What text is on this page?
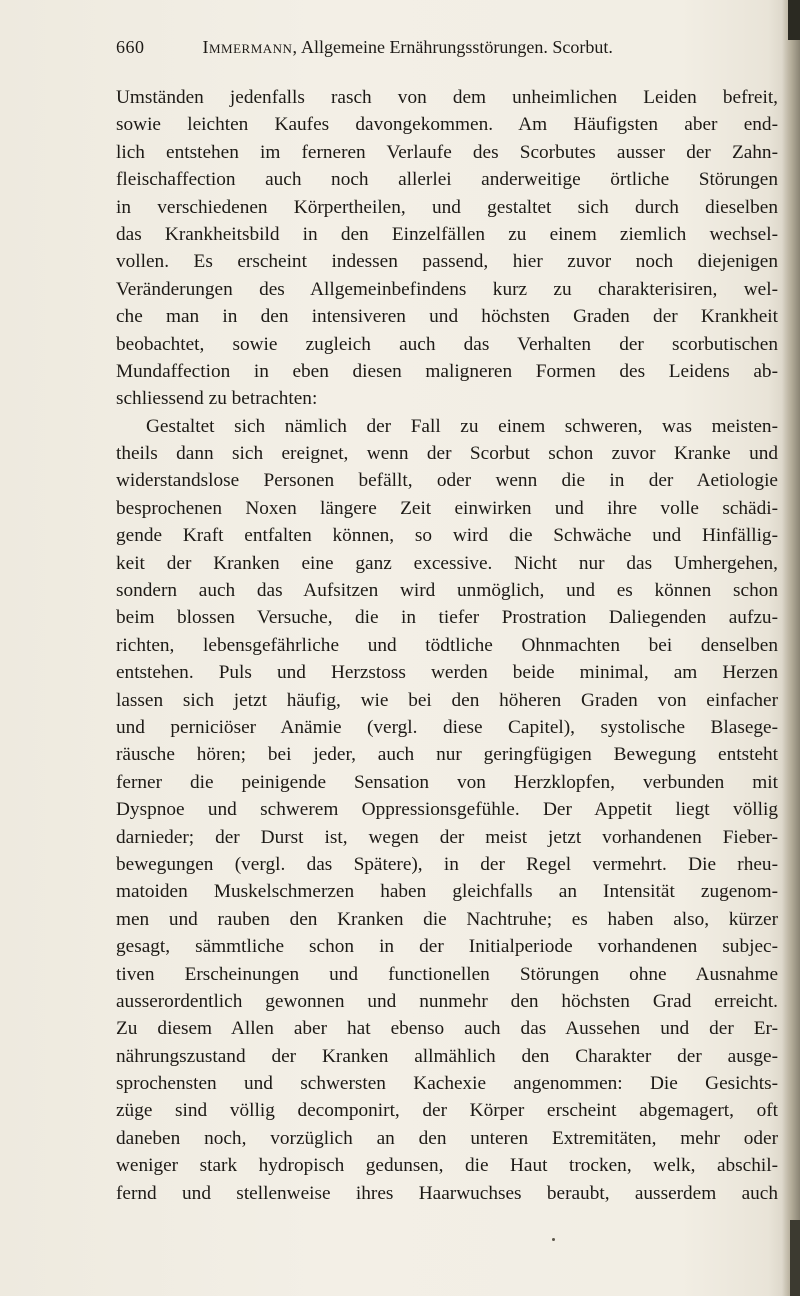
660	Immermann, Allgemeine Ernährungsstörungen. Scorbut.
Umständen jedenfalls rasch von dem unheimlichen Leiden befreit,
sowie leichten Kaufes davongekommen. Am Häufigsten aber end-
lich entstehen im ferneren Verlaufe des Scorbutes ausser der Zahn-
fleischaffection auch noch allerlei anderweitige örtliche Störungen
in verschiedenen Körpertheilen, und gestaltet sich durch dieselben
das Krankheitsbild in den Einzelfällen zu einem ziemlich wechsel-
vollen. Es erscheint indessen passend, hier zuvor noch diejenigen
Veränderungen des Allgemeinbefindens kurz zu charakterisiren, wel-
che man in den intensiveren und höchsten Graden der Krankheit
beobachtet, sowie zugleich auch das Verhalten der scorbutischen
Mundaffection in eben diesen maligneren Formen des Leidens ab-
schliessend zu betrachten:
Gestaltet sich nämlich der Fall zu einem schweren, was meisten-
theils dann sich ereignet, wenn der Scorbut schon zuvor Kranke und
widerstandslose Personen befällt, oder wenn die in der Aetiologie
besprochenen Noxen längere Zeit einwirken und ihre volle schädi-
gende Kraft entfalten können, so wird die Schwäche und Hinfällig-
keit der Kranken eine ganz excessive. Nicht nur das Umhergehen,
sondern auch das Aufsitzen wird unmöglich, und es können schon
beim blossen Versuche, die in tiefer Prostration Daliegenden aufzu-
richten, lebensgefährliche und tödtliche Ohnmachten bei denselben
entstehen. Puls und Herzstoss werden beide minimal, am Herzen
lassen sich jetzt häufig, wie bei den höheren Graden von einfacher
und perniciöser Anämie (vergl. diese Capitel), systolische Blasege-
räusche hören; bei jeder, auch nur geringfügigen Bewegung entsteht
ferner die peinigende Sensation von Herzklopfen, verbunden mit
Dyspnoe und schwerem Oppressionsgefühle. Der Appetit liegt völlig
darnieder; der Durst ist, wegen der meist jetzt vorhandenen Fieber-
bewegungen (vergl. das Spätere), in der Regel vermehrt. Die rheu-
matoiden Muskelschmerzen haben gleichfalls an Intensität zugenom-
men und rauben den Kranken die Nachtruhe; es haben also, kürzer
gesagt, sämmtliche schon in der Initialperiode vorhandenen subjec-
tiven Erscheinungen und functionellen Störungen ohne Ausnahme
ausserordentlich gewonnen und nunmehr den höchsten Grad erreicht.
Zu diesem Allen aber hat ebenso auch das Aussehen und der Er-
nährungszustand der Kranken allmählich den Charakter der ausge-
sprochensten und schwersten Kachexie angenommen: Die Gesichts-
züge sind völlig decomponirt, der Körper erscheint abgemagert, oft
daneben noch, vorzüglich an den unteren Extremitäten, mehr oder
weniger stark hydropisch gedunsen, die Haut trocken, welk, abschil-
fernd und stellenweise ihres Haarwuchses beraubt, ausserdem auch
